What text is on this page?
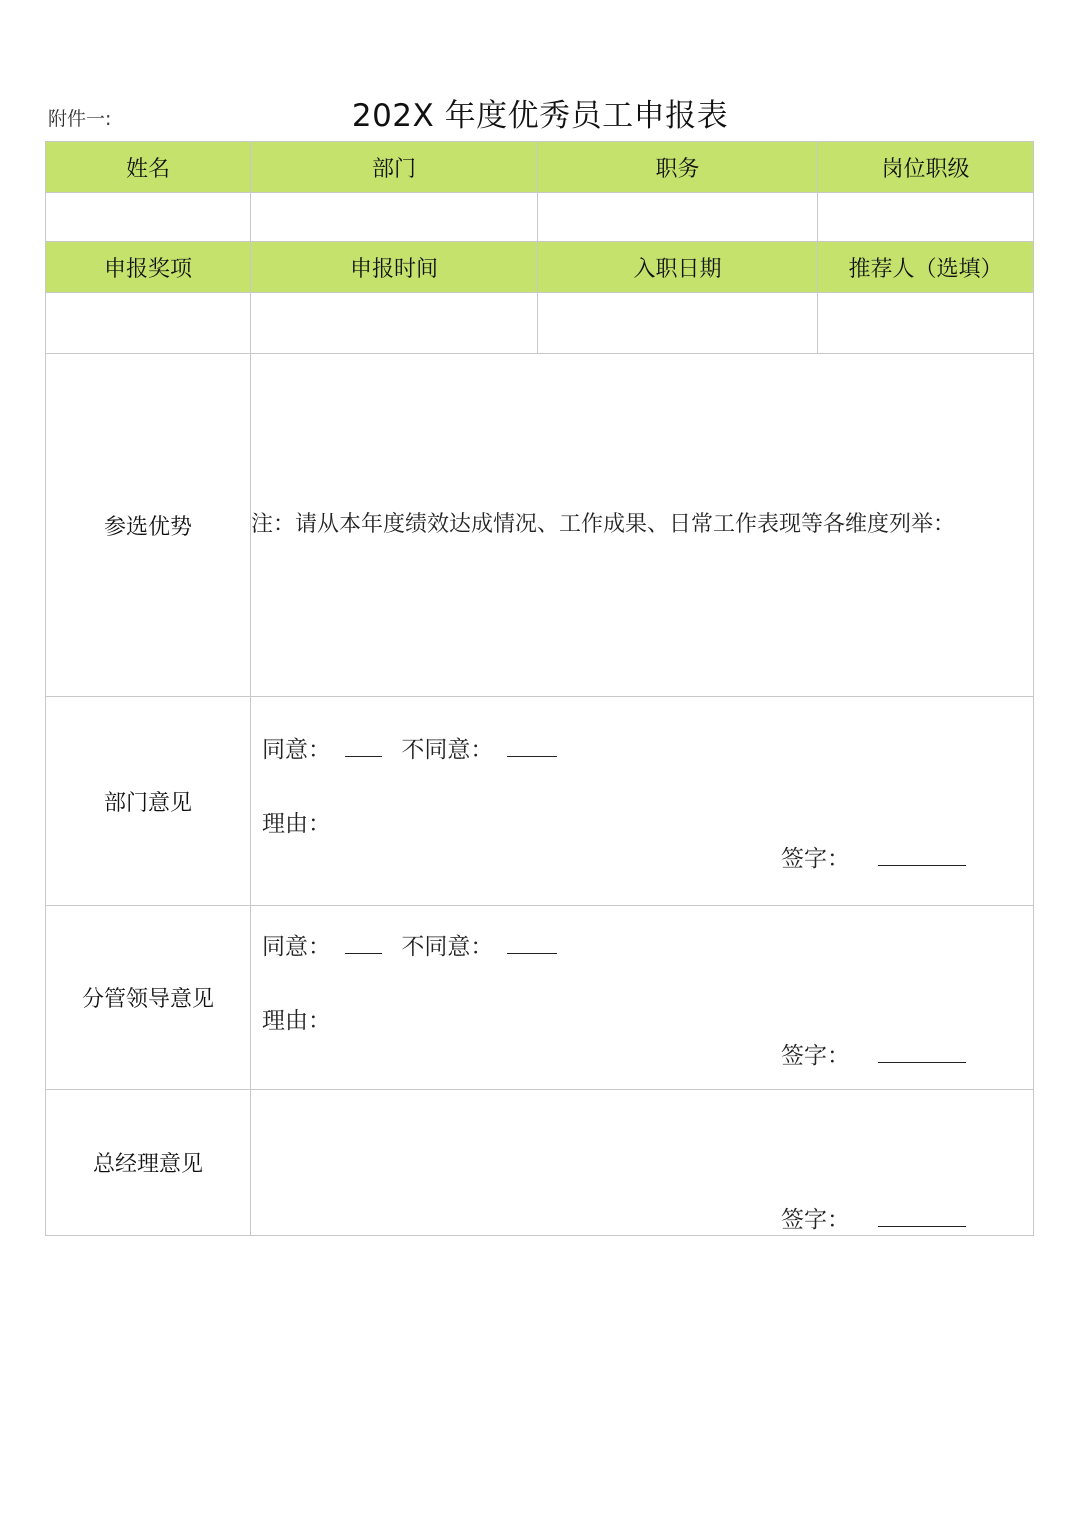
附件一:	202X 年度优秀员工申报表
姓名	部门	职务	岗位职级

申报奖项	申报时间	入职日期	推荐人（选填）

参选优势	注：请从本年度绩效达成情况、工作成果、日常工作表现等各维度列举：		
部门意见	同意： 不同意：
理由：
签字：		

分管领导意见	同意： 不同意：
理由：
签字：		

总经理意见	签字：		
